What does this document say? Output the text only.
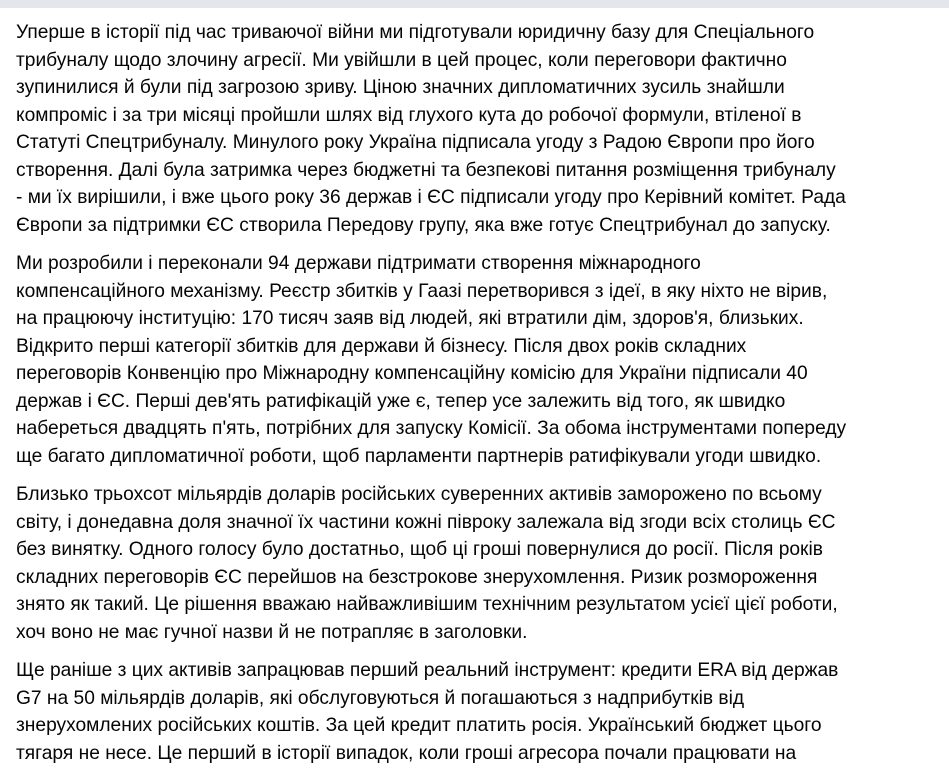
Уперше в історії під час триваючої війни ми підготували юридичну базу для Спеціального
трибуналу щодо злочину агресії. Ми увійшли в цей процес, коли переговори фактично
зупинилися й були під загрозою зриву. Ціною значних дипломатичних зусиль знайшли
компроміс і за три місяці пройшли шлях від глухого кута до робочої формули, втіленої в
Статуті Спецтрибуналу. Минулого року Україна підписала угоду з Радою Європи про його
створення. Далі була затримка через бюджетні та безпекові питання розміщення трибуналу
- ми їх вирішили, і вже цього року 36 держав і ЄС підписали угоду про Керівний комітет. Рада
Європи за підтримки ЄС створила Передову групу, яка вже готує Спецтрибунал до запуску.

Ми розробили і переконали 94 держави підтримати створення міжнародного
компенсаційного механізму. Реєстр збитків у Гаазі перетворився з ідеї, в яку ніхто не вірив,
на працюючу інституцію: 170 тисяч заяв від людей, які втратили дім, здоров'я, близьких.
Відкрито перші категорії збитків для держави й бізнесу. Після двох років складних
переговорів Конвенцію про Міжнародну компенсаційну комісію для України підписали 40
держав і ЄС. Перші дев'ять ратифікацій уже є, тепер усе залежить від того, як швидко
набереться двадцять п'ять, потрібних для запуску Комісії. За обома інструментами попереду
ще багато дипломатичної роботи, щоб парламенти партнерів ратифікували угоди швидко.

Близько трьохсот мільярдів доларів російських суверенних активів заморожено по всьому
світу, і донедавна доля значної їх частини кожні півроку залежала від згоди всіх столиць ЄС
без винятку. Одного голосу було достатньо, щоб ці гроші повернулися до росії. Після років
складних переговорів ЄС перейшов на безстрокове знерухомлення. Ризик розмороження
знято як такий. Це рішення вважаю найважливішим технічним результатом усієї цієї роботи,
хоч воно не має гучної назви й не потрапляє в заголовки.

Ще раніше з цих активів запрацював перший реальний інструмент: кредити ERA від держав
G7 на 50 мільярдів доларів, які обслуговуються й погашаються з надприбутків від
знерухомлених російських коштів. За цей кредит платить росія. Український бюджет цього
тягаря не несе. Це перший в історії випадок, коли гроші агресора почали працювати на
